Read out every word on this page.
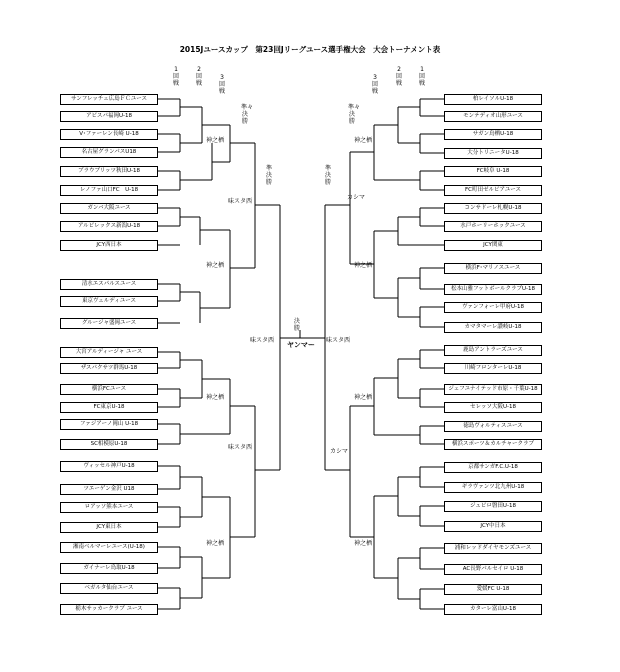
2015Jユースカップ　第23回Jリーグユース選手権大会　大会トーナメント表
1回戦
2回戦
3回戦
準々決勝
準決勝
3回戦
2回戦
1回戦
準々決勝
準決勝
決勝
サンフレッチェ広島ＦＣユース
アビスパ福岡U-18
V･ファーレン長崎 U-18
名古屋グランパスU18
ブラウブリッツ秋田U-18
レノファ山口FC　U-18
ガンバ大阪ユース
アルビレックス新潟U-18
JCY西日本
清水エスパルスユース
東京ヴェルディユース
グルージャ盛岡ユース
大宮アルディージャ ユース
ザスパクサツ群馬U-18
横浜FCユース
FC東京U-18
ファジアーノ岡山 U-18
SC相模原U-18
ヴィッセル神戸U-18
ツエーゲン金沢 U18
ロアッソ熊本ユース
JCY東日本
湘南ベルマーレユース(U-18)
ガイナーレ鳥取U-18
ベガルタ仙台ユース
栃木サッカークラブ ユース
神之栖
神之栖
神之栖
神之栖
味スタ西
味スタ西
味スタ西
柏レイソルU-18
モンテディオ山形ユース
サガン鳥栖U-18
大分トリニータU-18
FC岐阜 U-18
FC町田ゼルビアユース
コンサドーレ札幌U-18
水戸ホーリーホックユース
JCY関東
横浜F･マリノスユース
松本山雅フットボールクラブU-18
ヴァンフォーレ甲府U-18
カマタマーレ讃岐U-18
鹿島アントラーズユース
川崎フロンターレU-18
ジェフユナイテッド市原・千葉U-18
セレッソ大阪U-18
徳島ヴォルティスユース
横浜スポーツ＆カルチャークラブ
京都サンガF.C.U-18
ギラヴァンツ北九州U-18
ジュビロ磐田U-18
JCY中日本
浦和レッドダイヤモンズユース
AC長野パルセイロ U-18
愛媛FC U-18
カターレ富山U-18
神之栖
神之栖
神之栖
神之栖
カシマ
カシマ
味スタ西
ヤンマー
